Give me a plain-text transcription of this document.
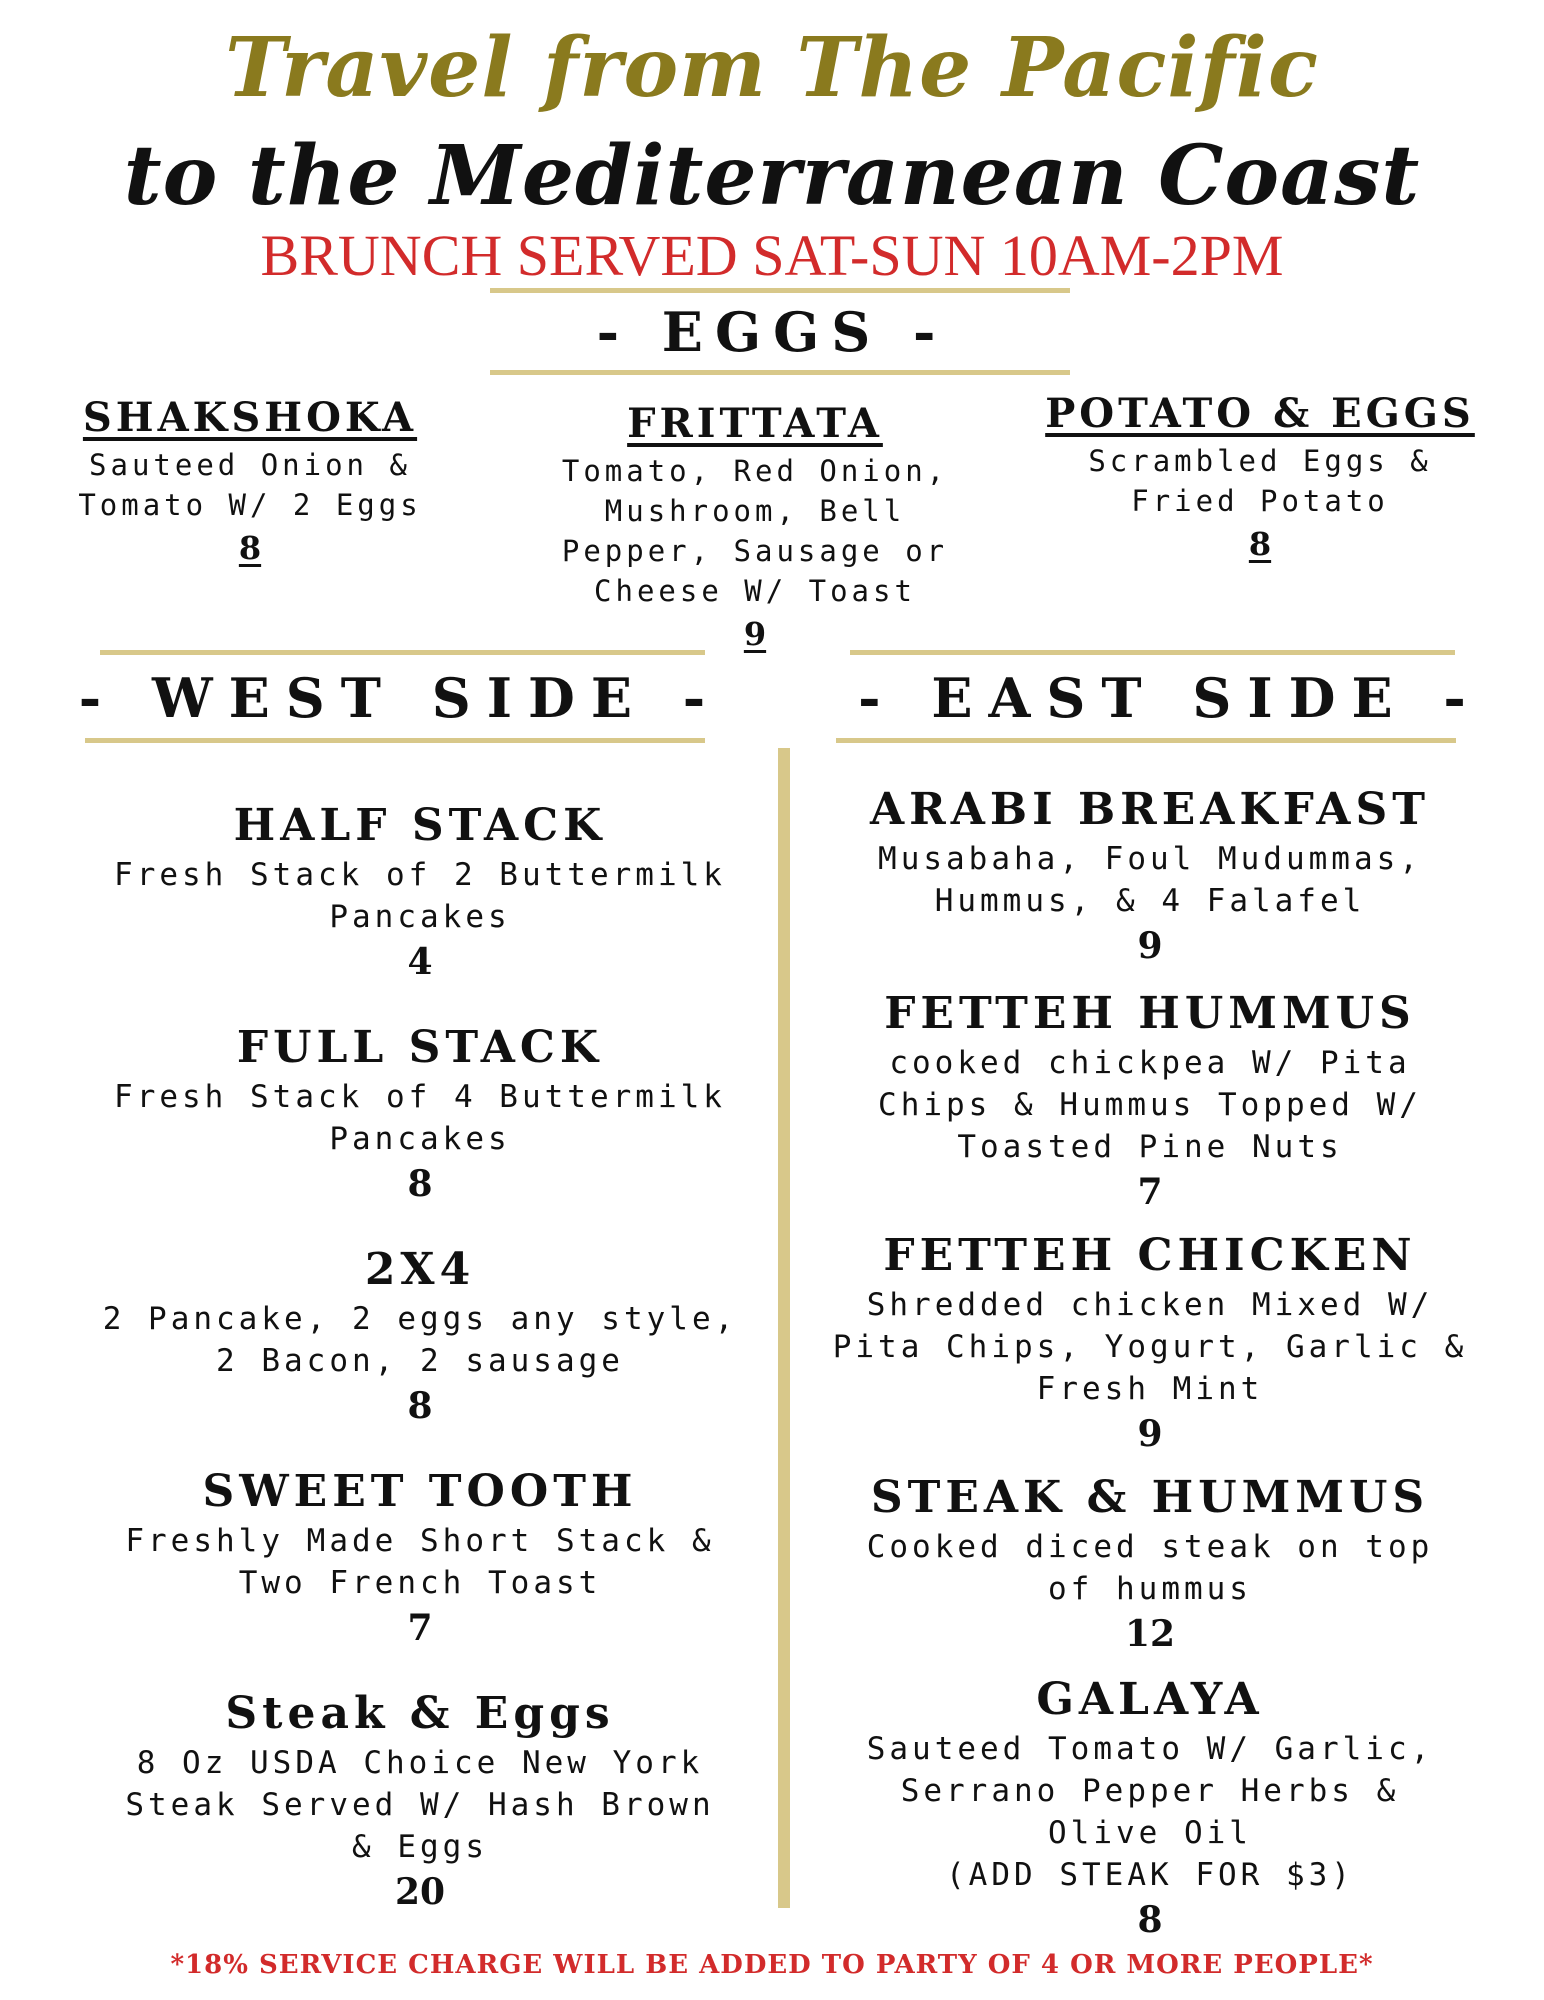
Travel from The Pacific
to the Mediterranean Coast
BRUNCH SERVED SAT-SUN 10AM-2PM
- EGGS -
SHAKSHOKA
Sauteed Onion &
Tomato W/ 2 Eggs
8
FRITTATA
Tomato, Red Onion,
Mushroom, Bell
Pepper, Sausage or
Cheese W/ Toast
9
POTATO & EGGS
Scrambled Eggs &
Fried Potato
8
- WEST SIDE -	- EAST SIDE -
HALF STACK
Fresh Stack of 2 Buttermilk
Pancakes
4
FULL STACK
Fresh Stack of 4 Buttermilk
Pancakes
8
2X4
2 Pancake, 2 eggs any style,
2 Bacon, 2 sausage
8
SWEET TOOTH
Freshly Made Short Stack &
Two French Toast
7
Steak & Eggs
8 Oz USDA Choice New York
Steak Served W/ Hash Brown
& Eggs
20
ARABI BREAKFAST
Musabaha, Foul Mudummas,
Hummus, & 4 Falafel
9
FETTEH HUMMUS
cooked chickpea W/ Pita
Chips & Hummus Topped W/
Toasted Pine Nuts
7
FETTEH CHICKEN
Shredded chicken Mixed W/
Pita Chips, Yogurt, Garlic &
Fresh Mint
9
STEAK & HUMMUS
Cooked diced steak on top
of hummus
12
GALAYA
Sauteed Tomato W/ Garlic,
Serrano Pepper Herbs &
Olive Oil
(ADD STEAK FOR $3)
8
*18% SERVICE CHARGE WILL BE ADDED TO PARTY OF 4 OR MORE PEOPLE*
